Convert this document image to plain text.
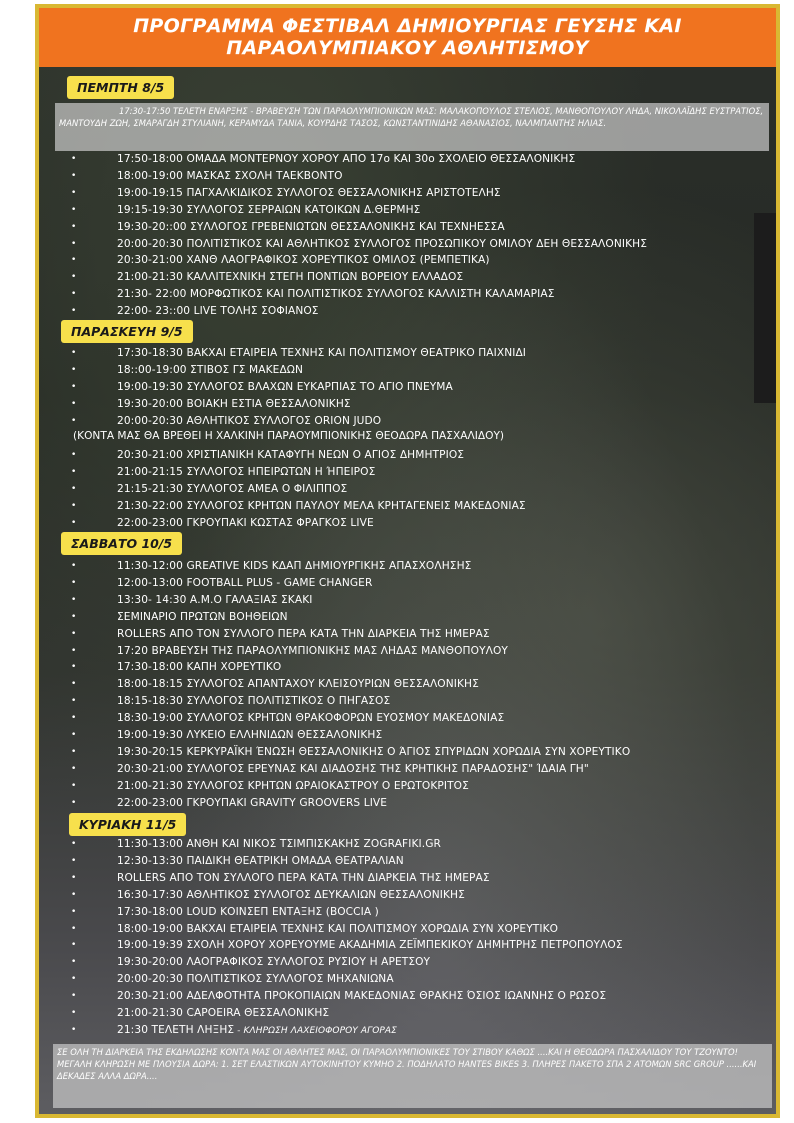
ΠΡΟΓΡΑΜΜΑ ΦΕΣΤΙΒΑΛ ΔΗΜΙΟΥΡΓΙΑΣ ΓΕΥΣΗΣ ΚΑΙ
ΠΑΡΑΟΛΥΜΠΙΑΚΟΥ ΑΘΛΗΤΙΣΜΟΥ
ΠΕΜΠΤΗ 8/5
17:30-17:50 ΤΕΛΕΤΗ ΕΝΑΡΞΗΣ - ΒΡΑΒΕΥΣΗ ΤΩΝ ΠΑΡΑΟΛΥΜΠΙΟΝΙΚΩΝ ΜΑΣ: ΜΑΛΑΚΟΠΟΥΛΟΣ ΣΤΕΛΙΟΣ, ΜΑΝΘΟΠΟΥΛΟΥ ΛΗΔΑ, ΝΙΚΟΛΑΪΔΗΣ ΕΥΣΤΡΑΤΙΟΣ, ΜΑΝΤΟΥΔΗ ΖΩΗ, ΣΜΑΡΑΓΔΗ ΣΤΥΛΙΑΝΗ, ΚΕΡΑΜΥΔΑ ΤΑΝΙΑ, ΚΟΥΡΔΗΣ ΤΑΣΟΣ, ΚΩΝΣΤΑΝΤΙΝΙΔΗΣ ΑΘΑΝΑΣΙΟΣ, ΝΑΛΜΠΑΝΤΗΣ ΗΛΙΑΣ.
• 17:50-18:00 ΟΜΑΔΑ ΜΟΝΤΕΡΝΟΥ ΧΟΡΟΥ ΑΠΟ 17ο ΚΑΙ 30ο ΣΧΟΛΕΙΟ ΘΕΣΣΑΛΟΝΙΚΗΣ
• 18:00-19:00 ΜΑΣΚΑΣ ΣΧΟΛΗ ΤΑΕΚΒΟΝΤΟ
• 19:00-19:15 ΠΑΓΧΑΛΚΙΔΙΚΟΣ ΣΥΛΛΟΓΟΣ ΘΕΣΣΑΛΟΝΙΚΗΣ ΑΡΙΣΤΟΤΕΛΗΣ
• 19:15-19:30 ΣΥΛΛΟΓΟΣ ΣΕΡΡΑΙΩΝ ΚΑΤΟΙΚΩΝ Δ.ΘΕΡΜΗΣ
• 19:30-20::00 ΣΥΛΛΟΓΟΣ ΓΡΕΒΕΝΙΩΤΩΝ ΘΕΣΣΑΛΟΝΙΚΗΣ ΚΑΙ ΤΕΧΝΗΕΣΣΑ
• 20:00-20:30 ΠΟΛΙΤΙΣΤΙΚΟΣ ΚΑΙ ΑΘΛΗΤΙΚΟΣ ΣΥΛΛΟΓΟΣ ΠΡΟΣΩΠΙΚΟΥ ΟΜΙΛΟΥ ΔΕΗ ΘΕΣΣΑΛΟΝΙΚΗΣ
• 20:30-21:00 ΧΑΝΘ ΛΑΟΓΡΑΦΙΚΟΣ ΧΟΡΕΥΤΙΚΟΣ ΟΜΙΛΟΣ (ΡΕΜΠΕΤΙΚΑ)
• 21:00-21:30 ΚΑΛΛΙΤΕΧΝΙΚΗ ΣΤΕΓΗ ΠΟΝΤΙΩΝ ΒΟΡΕΙΟΥ ΕΛΛΑΔΟΣ
• 21:30- 22:00 ΜΟΡΦΩΤΙΚΟΣ ΚΑΙ ΠΟΛΙΤΙΣΤΙΚΟΣ ΣΥΛΛΟΓΟΣ ΚΑΛΛΙΣΤΗ ΚΑΛΑΜΑΡΙΑΣ
• 22:00- 23::00 LIVE ΤΟΛΗΣ ΣΟΦΙΑΝΟΣ
ΠΑΡΑΣΚΕΥΗ 9/5
• 17:30-18:30 ΒΑΚΧΑΙ ΕΤΑΙΡΕΙΑ ΤΕΧΝΗΣ ΚΑΙ ΠΟΛΙΤΙΣΜΟΥ ΘΕΑΤΡΙΚΟ ΠΑΙΧΝΙΔΙ
• 18::00-19:00 ΣΤΙΒΟΣ ΓΣ ΜΑΚΕΔΩΝ
• 19:00-19:30 ΣΥΛΛΟΓΟΣ ΒΛΑΧΩΝ ΕΥΚΑΡΠΙΑΣ ΤΟ ΑΓΙΟ ΠΝΕΥΜΑ
• 19:30-20:00 ΒΟΙΑΚΗ ΕΣΤΙΑ ΘΕΣΣΑΛΟΝΙΚΗΣ
• 20:00-20:30 ΑΘΛΗΤΙΚΟΣ ΣΥΛΛΟΓΟΣ ORION JUDO
(ΚΟΝΤΑ ΜΑΣ ΘΑ ΒΡΕΘΕΙ Η ΧΑΛΚΙΝΗ ΠΑΡΑΟΥΜΠΙΟΝΙΚΗΣ ΘΕΟΔΩΡΑ ΠΑΣΧΑΛΙΔΟΥ)
• 20:30-21:00 ΧΡΙΣΤΙΑΝΙΚΗ ΚΑΤΑΦΥΓΗ ΝΕΩΝ Ο ΑΓΙΟΣ ΔΗΜΗΤΡΙΟΣ
• 21:00-21:15 ΣΥΛΛΟΓΟΣ ΗΠΕΙΡΩΤΩΝ Η ΉΠΕΙΡΟΣ
• 21:15-21:30 ΣΥΛΛΟΓΟΣ ΑΜΕΑ Ο ΦΙΛΙΠΠΟΣ
• 21:30-22:00 ΣΥΛΛΟΓΟΣ ΚΡΗΤΩΝ ΠΑΥΛΟΥ ΜΕΛΑ ΚΡΗΤΑΓΕΝΕΙΣ ΜΑΚΕΔΟΝΙΑΣ
• 22:00-23:00 ΓΚΡΟΥΠΑΚΙ ΚΩΣΤΑΣ ΦΡΑΓΚΟΣ LIVE
ΣΑΒΒΑΤΟ 10/5
• 11:30-12:00 GREATIVE KIDS ΚΔΑΠ ΔΗΜΙΟΥΡΓΙΚΗΣ ΑΠΑΣΧΟΛΗΣΗΣ
• 12:00-13:00 FOOTBALL PLUS - GAME CHANGER
• 13:30- 14:30 Α.Μ.Ο ΓΑΛΑΞΙΑΣ ΣΚΑΚΙ
• ΣΕΜΙΝΑΡΙΟ ΠΡΩΤΩΝ ΒΟΗΘΕΙΩΝ
• ROLLERS ΑΠΟ ΤΟΝ ΣΥΛΛΟΓΟ ΠΕΡΑ ΚΑΤΑ ΤΗΝ ΔΙΑΡΚΕΙΑ ΤΗΣ ΗΜΕΡΑΣ
• 17:20 ΒΡΑΒΕΥΣΗ ΤΗΣ ΠΑΡΑΟΛΥΜΠΙΟΝΙΚΗΣ ΜΑΣ ΛΗΔΑΣ ΜΑΝΘΟΠΟΥΛΟΥ
• 17:30-18:00 ΚΑΠΗ ΧΟΡΕΥΤΙΚΟ
• 18:00-18:15 ΣΥΛΛΟΓΟΣ ΑΠΑΝΤΑΧΟΥ ΚΛΕΙΣΟΥΡΙΩΝ ΘΕΣΣΑΛΟΝΙΚΗΣ
• 18:15-18:30 ΣΥΛΛΟΓΟΣ ΠΟΛΙΤΙΣΤΙΚΟΣ Ο ΠΗΓΑΣΟΣ
• 18:30-19:00 ΣΥΛΛΟΓΟΣ ΚΡΗΤΩΝ ΘΡΑΚΟΦΟΡΩΝ ΕΥΟΣΜΟΥ ΜΑΚΕΔΟΝΙΑΣ
• 19:00-19:30 ΛΥΚΕΙΟ ΕΛΛΗΝΙΔΩΝ ΘΕΣΣΑΛΟΝΙΚΗΣ
• 19:30-20:15 ΚΕΡΚΥΡΑΪΚΗ ΈΝΩΣΗ ΘΕΣΣΑΛΟΝΙΚΗΣ Ο ΆΓΙΟΣ ΣΠΥΡΙΔΩΝ ΧΟΡΩΔΙΑ ΣΥΝ ΧΟΡΕΥΤΙΚΟ
• 20:30-21:00 ΣΥΛΛΟΓΟΣ ΕΡΕΥΝΑΣ ΚΑΙ ΔΙΑΔΟΣΗΣ ΤΗΣ ΚΡΗΤΙΚΗΣ ΠΑΡΑΔΟΣΗΣ" ΊΔΑΙΑ ΓΗ"
• 21:00-21:30 ΣΥΛΛΟΓΟΣ ΚΡΗΤΩΝ ΩΡΑΙΟΚΑΣΤΡΟΥ Ο ΕΡΩΤΟΚΡΙΤΟΣ
• 22:00-23:00 ΓΚΡΟΥΠΑΚΙ GRAVITY GROOVERS LIVE
ΚΥΡΙΑΚΗ 11/5
• 11:30-13:00 ΑΝΘΗ ΚΑΙ ΝΙΚΟΣ ΤΣΙΜΠΙΣΚΑΚΗΣ ZOGRAFIKI.GR
• 12:30-13:30 ΠΑΙΔΙΚΗ ΘΕΑΤΡΙΚΗ ΟΜΑΔΑ ΘΕΑΤΡΑΛΙΑΝ
• ROLLERS ΑΠΟ ΤΟΝ ΣΥΛΛΟΓΟ ΠΕΡΑ ΚΑΤΑ ΤΗΝ ΔΙΑΡΚΕΙΑ ΤΗΣ ΗΜΕΡΑΣ
• 16:30-17:30 ΑΘΛΗΤΙΚΟΣ ΣΥΛΛΟΓΟΣ ΔΕΥΚΑΛΙΩΝ ΘΕΣΣΑΛΟΝΙΚΗΣ
• 17:30-18:00 LOUD ΚΟΙΝΣΕΠ ΕΝΤΑΞΗΣ (BOCCIA )
• 18:00-19:00 ΒΑΚΧΑΙ ΕΤΑΙΡΕΙΑ ΤΕΧΝΗΣ ΚΑΙ ΠΟΛΙΤΙΣΜΟΥ ΧΟΡΩΔΙΑ ΣΥΝ ΧΟΡΕΥΤΙΚΟ
• 19:00-19:39 ΣΧΟΛΗ ΧΟΡΟΥ ΧΟΡΕΥΟΥΜΕ ΑΚΑΔΗΜΙΑ ΖΕΪΜΠΕΚΙΚΟΥ ΔΗΜΗΤΡΗΣ ΠΕΤΡΟΠΟΥΛΟΣ
• 19:30-20:00 ΛΑΟΓΡΑΦΙΚΟΣ ΣΥΛΛΟΓΟΣ ΡΥΣΙΟΥ Η ΑΡΕΤΣΟΥ
• 20:00-20:30 ΠΟΛΙΤΙΣΤΙΚΟΣ ΣΥΛΛΟΓΟΣ ΜΗΧΑΝΙΩΝΑ
• 20:30-21:00 ΑΔΕΛΦΟΤΗΤΑ ΠΡΟΚΟΠΙΑΙΩΝ ΜΑΚΕΔΟΝΙΑΣ ΘΡΑΚΗΣ ΌΣΙΟΣ ΙΩΑΝΝΗΣ Ο ΡΩΣΟΣ
• 21:00-21:30 CAPOEIRA ΘΕΣΣΑΛΟΝΙΚΗΣ
• 21:30 ΤΕΛΕΤΗ ΛΗΞΗΣ - ΚΛΗΡΩΣΗ ΛΑΧΕΙΟΦΟΡΟΥ ΑΓΟΡΑΣ
ΣΕ ΟΛΗ ΤΗ ΔΙΑΡΚΕΙΑ ΤΗΣ ΕΚΔΗΛΩΣΗΣ ΚΟΝΤΑ ΜΑΣ ΟΙ ΑΘΛΗΤΕΣ ΜΑΣ, ΟΙ ΠΑΡΑΟΛΥΜΠΙΟΝΙΚΕΣ ΤΟΥ ΣΤΙΒΟΥ ΚΑΘΩΣ ....ΚΑΙ Η ΘΕΟΔΩΡΑ ΠΑΣΧΑΛΙΔΟΥ ΤΟΥ ΤΖΟΥΝΤΟ!
ΜΕΓΑΛΗ ΚΛΗΡΩΣΗ ΜΕ ΠΛΟΥΣΙΑ ΔΩΡΑ: 1. ΣΕΤ ΕΛΑΣΤΙΚΩΝ ΑΥΤΟΚΙΝΗΤΟΥ ΚΥΜΗΟ 2. ΠΟΔΗΛΑΤΟ ΗΑΝΤΕS BIKES 3. ΠΛΗΡΕΣ ΠΑΚΕΤΟ ΣΠΑ 2 ΑΤΟΜΩΝ SRC GROUP ......ΚΑΙ ΔΕΚΑΔΕΣ ΑΛΛΑ ΔΩΡΑ....
